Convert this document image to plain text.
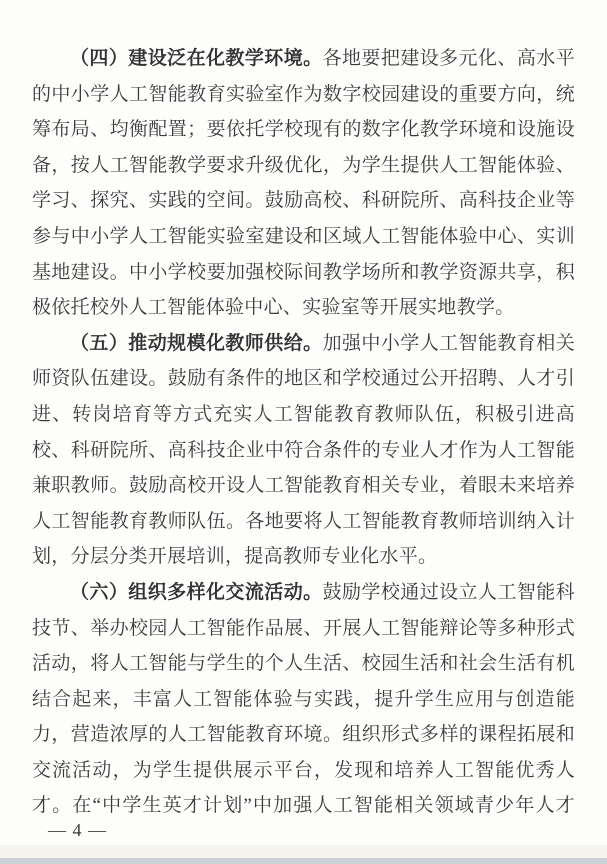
（四）建设泛在化教学环境。各地要把建设多元化、高水平
的中小学人工智能教育实验室作为数字校园建设的重要方向，统
筹布局、均衡配置；要依托学校现有的数字化教学环境和设施设
备，按人工智能教学要求升级优化，为学生提供人工智能体验、
学习、探究、实践的空间。鼓励高校、科研院所、高科技企业等
参与中小学人工智能实验室建设和区域人工智能体验中心、实训
基地建设。中小学校要加强校际间教学场所和教学资源共享，积
极依托校外人工智能体验中心、实验室等开展实地教学。
（五）推动规模化教师供给。加强中小学人工智能教育相关
师资队伍建设。鼓励有条件的地区和学校通过公开招聘、人才引
进、转岗培育等方式充实人工智能教育教师队伍，积极引进高
校、科研院所、高科技企业中符合条件的专业人才作为人工智能
兼职教师。鼓励高校开设人工智能教育相关专业，着眼未来培养
人工智能教育教师队伍。各地要将人工智能教育教师培训纳入计
划，分层分类开展培训，提高教师专业化水平。
（六）组织多样化交流活动。鼓励学校通过设立人工智能科
技节、举办校园人工智能作品展、开展人工智能辩论等多种形式
活动，将人工智能与学生的个人生活、校园生活和社会生活有机
结合起来，丰富人工智能体验与实践，提升学生应用与创造能
力，营造浓厚的人工智能教育环境。组织形式多样的课程拓展和
交流活动，为学生提供展示平台，发现和培养人工智能优秀人
才。在“中学生英才计划”中加强人工智能相关领域青少年人才
— 4 —
